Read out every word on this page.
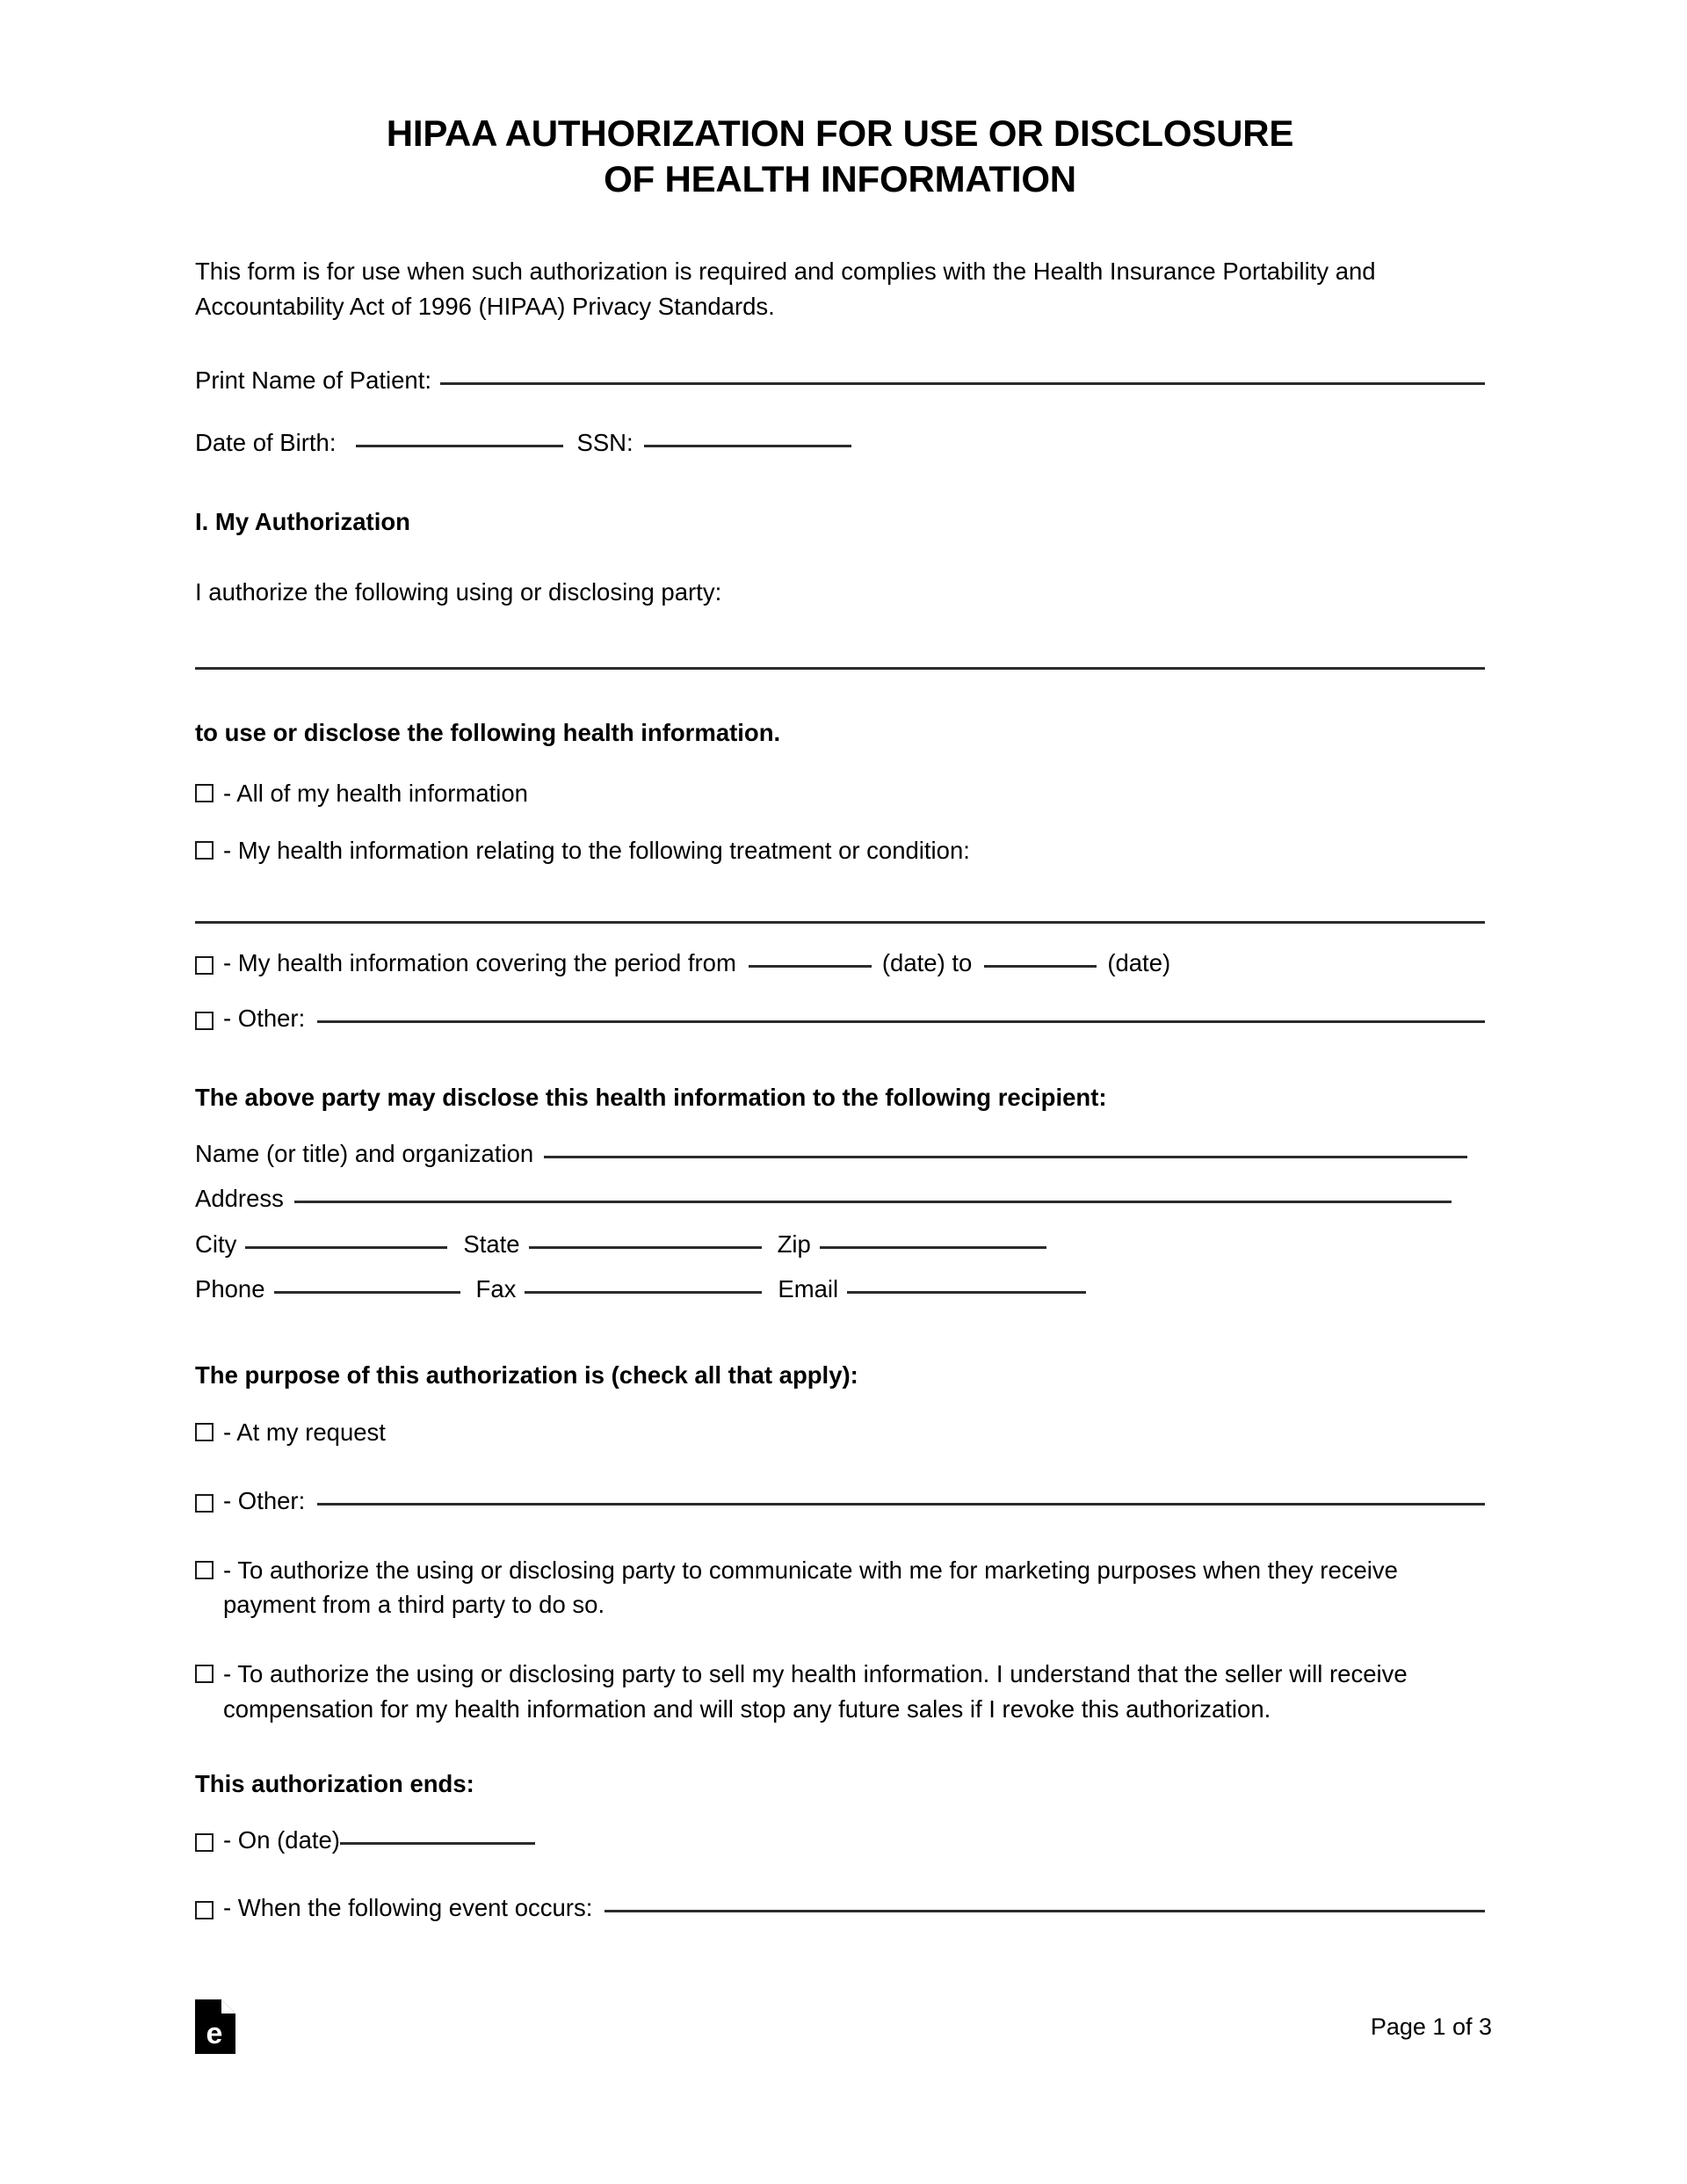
HIPAA AUTHORIZATION FOR USE OR DISCLOSURE
OF HEALTH INFORMATION

This form is for use when such authorization is required and complies with the Health Insurance Portability and Accountability Act of 1996 (HIPAA) Privacy Standards.

Print Name of Patient:
Date of Birth:	SSN:

I. My Authorization

I authorize the following using or disclosing party:

to use or disclose the following health information.

- All of my health information
- My health information relating to the following treatment or condition:
- My health information covering the period from	(date) to	(date)
- Other:

The above party may disclose this health information to the following recipient:

Name (or title) and organization
Address
City	State	Zip
Phone	Fax	Email

The purpose of this authorization is (check all that apply):

- At my request
- Other:
- To authorize the using or disclosing party to communicate with me for marketing purposes when they receive payment from a third party to do so.
- To authorize the using or disclosing party to sell my health information. I understand that the seller will receive compensation for my health information and will stop any future sales if I revoke this authorization.

This authorization ends:

- On (date)
- When the following event occurs:
e	Page 1 of 3
